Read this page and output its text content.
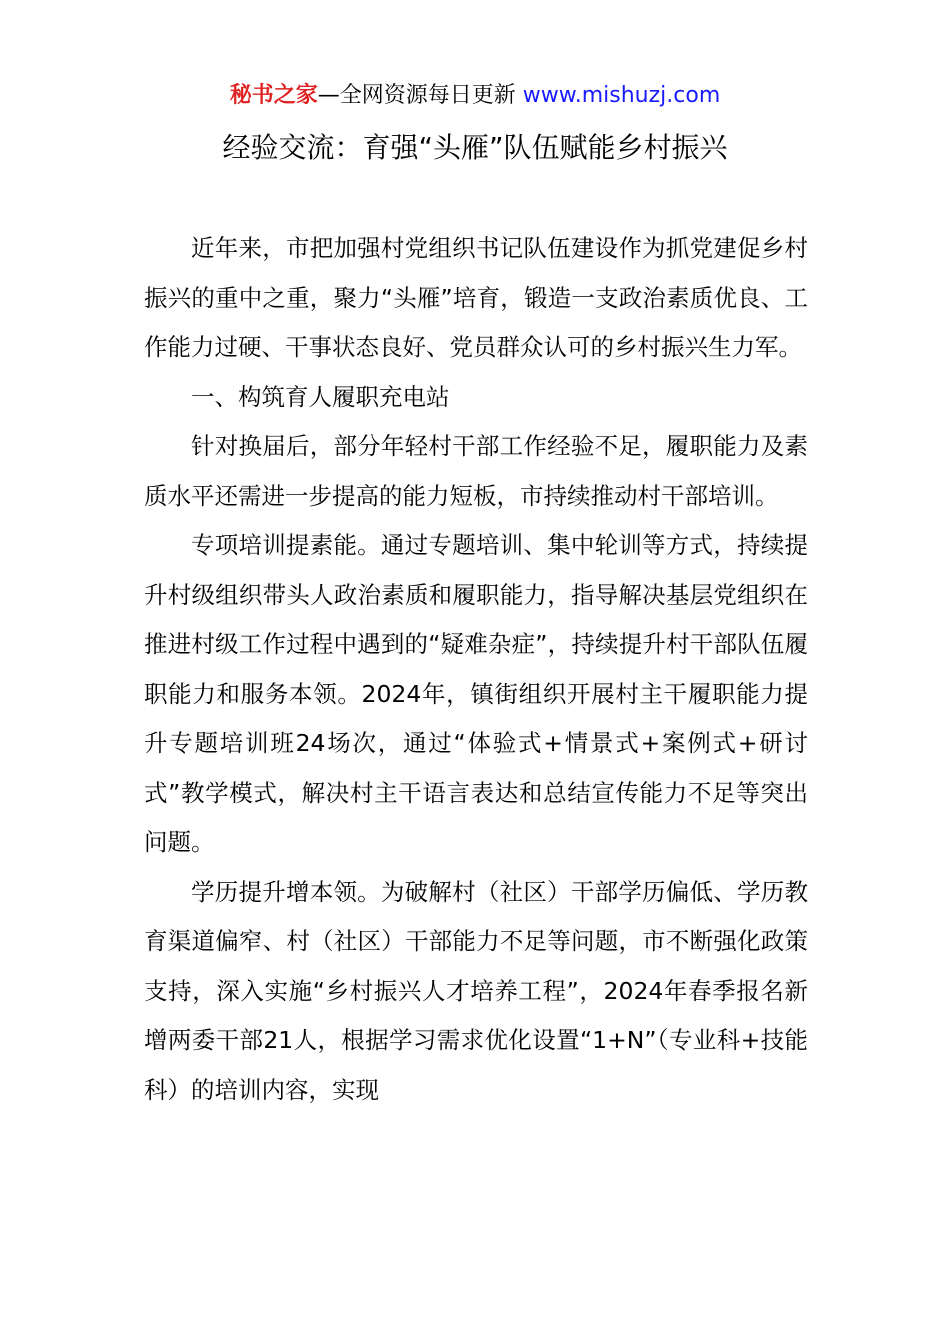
秘书之家—全网资源每日更新 www.mishuzj.com
经验交流：育强“头雁”队伍赋能乡村振兴

近年来，市把加强村党组织书记队伍建设作为抓党建促乡村振兴的重中之重，聚力“头雁”培育，锻造一支政治素质优良、工作能力过硬、干事状态良好、党员群众认可的乡村振兴生力军。

一、构筑育人履职充电站

针对换届后，部分年轻村干部工作经验不足，履职能力及素质水平还需进一步提高的能力短板，市持续推动村干部培训。

专项培训提素能。通过专题培训、集中轮训等方式，持续提升村级组织带头人政治素质和履职能力，指导解决基层党组织在推进村级工作过程中遇到的“疑难杂症”，持续提升村干部队伍履职能力和服务本领。2024年，镇街组织开展村主干履职能力提升专题培训班24场次，通过“体验式+情景式+案例式+研讨式”教学模式，解决村主干语言表达和总结宣传能力不足等突出问题。

学历提升增本领。为破解村（社区）干部学历偏低、学历教育渠道偏窄、村（社区）干部能力不足等问题，市不断强化政策支持，深入实施“乡村振兴人才培养工程”，2024年春季报名新增两委干部21人，根据学习需求优化设置“1+N”（专业科+技能科）的培训内容，实现
